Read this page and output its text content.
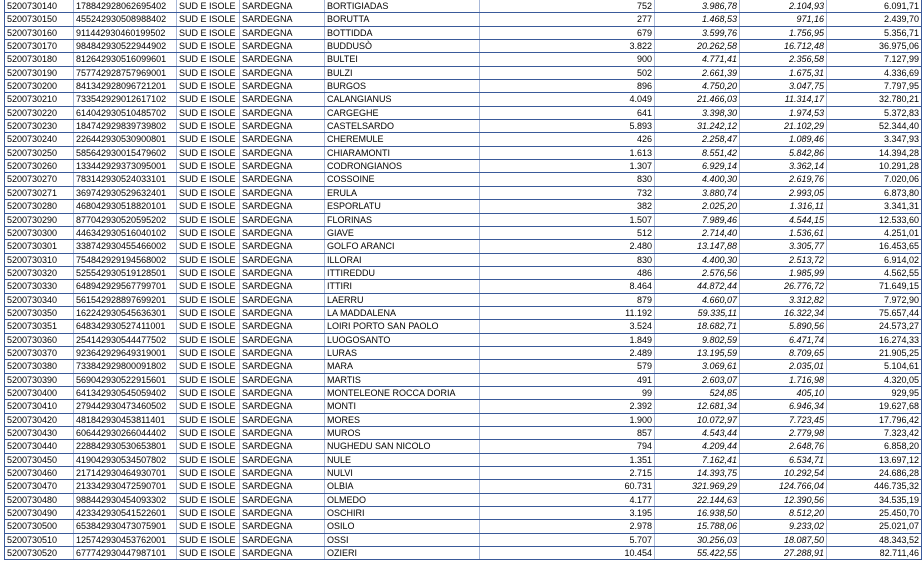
5200730140	178842928062695402	SUD E ISOLE	SARDEGNA	BORTIGIADAS	752	3.986,78	2.104,93	6.091,71
5200730150	455242930508988402	SUD E ISOLE	SARDEGNA	BORUTTA	277	1.468,53	971,16	2.439,70
5200730160	911442930460199502	SUD E ISOLE	SARDEGNA	BOTTIDDA	679	3.599,76	1.756,95	5.356,71
5200730170	984842930522944902	SUD E ISOLE	SARDEGNA	BUDDUSÒ	3.822	20.262,58	16.712,48	36.975,06
5200730180	812642930516099601	SUD E ISOLE	SARDEGNA	BULTEI	900	4.771,41	2.356,58	7.127,99
5200730190	757742928757969001	SUD E ISOLE	SARDEGNA	BULZI	502	2.661,39	1.675,31	4.336,69
5200730200	841342928096721201	SUD E ISOLE	SARDEGNA	BURGOS	896	4.750,20	3.047,75	7.797,95
5200730210	733542929012617102	SUD E ISOLE	SARDEGNA	CALANGIANUS	4.049	21.466,03	11.314,17	32.780,21
5200730220	614042930510485702	SUD E ISOLE	SARDEGNA	CARGEGHE	641	3.398,30	1.974,53	5.372,83
5200730230	184742929839739802	SUD E ISOLE	SARDEGNA	CASTELSARDO	5.893	31.242,12	21.102,29	52.344,40
5200730240	226442930530900801	SUD E ISOLE	SARDEGNA	CHEREMULE	426	2.258,47	1.089,46	3.347,93
5200730250	585642930015479602	SUD E ISOLE	SARDEGNA	CHIARAMONTI	1.613	8.551,42	5.842,86	14.394,28
5200730260	133442929373095001	SUD E ISOLE	SARDEGNA	CODRONGIANOS	1.307	6.929,14	3.362,14	10.291,28
5200730270	783142930524033101	SUD E ISOLE	SARDEGNA	COSSOINE	830	4.400,30	2.619,76	7.020,06
5200730271	369742930529632401	SUD E ISOLE	SARDEGNA	ERULA	732	3.880,74	2.993,05	6.873,80
5200730280	468042930518820101	SUD E ISOLE	SARDEGNA	ESPORLATU	382	2.025,20	1.316,11	3.341,31
5200730290	877042930520595202	SUD E ISOLE	SARDEGNA	FLORINAS	1.507	7.989,46	4.544,15	12.533,60
5200730300	446342930516040102	SUD E ISOLE	SARDEGNA	GIAVE	512	2.714,40	1.536,61	4.251,01
5200730301	338742930455466002	SUD E ISOLE	SARDEGNA	GOLFO ARANCI	2.480	13.147,88	3.305,77	16.453,65
5200730310	754842929194568002	SUD E ISOLE	SARDEGNA	ILLORAI	830	4.400,30	2.513,72	6.914,02
5200730320	525542930519128501	SUD E ISOLE	SARDEGNA	ITTIREDDU	486	2.576,56	1.985,99	4.562,55
5200730330	648942929567799701	SUD E ISOLE	SARDEGNA	ITTIRI	8.464	44.872,44	26.776,72	71.649,15
5200730340	561542928897699201	SUD E ISOLE	SARDEGNA	LAERRU	879	4.660,07	3.312,82	7.972,90
5200730350	162242930545636301	SUD E ISOLE	SARDEGNA	LA MADDALENA	11.192	59.335,11	16.322,34	75.657,44
5200730351	648342930527411001	SUD E ISOLE	SARDEGNA	LOIRI PORTO SAN PAOLO	3.524	18.682,71	5.890,56	24.573,27
5200730360	254142930544477502	SUD E ISOLE	SARDEGNA	LUOGOSANTO	1.849	9.802,59	6.471,74	16.274,33
5200730370	923642929649319001	SUD E ISOLE	SARDEGNA	LURAS	2.489	13.195,59	8.709,65	21.905,25
5200730380	733842929800091802	SUD E ISOLE	SARDEGNA	MARA	579	3.069,61	2.035,01	5.104,61
5200730390	569042930522915601	SUD E ISOLE	SARDEGNA	MARTIS	491	2.603,07	1.716,98	4.320,05
5200730400	641342930545059402	SUD E ISOLE	SARDEGNA	MONTELEONE ROCCA DORIA	99	524,85	405,10	929,95
5200730410	279442930473460502	SUD E ISOLE	SARDEGNA	MONTI	2.392	12.681,34	6.946,34	19.627,68
5200730420	481842930453811401	SUD E ISOLE	SARDEGNA	MORES	1.900	10.072,97	7.723,45	17.796,42
5200730430	606442930266044402	SUD E ISOLE	SARDEGNA	MUROS	857	4.543,44	2.779,98	7.323,42
5200730440	228842930530653801	SUD E ISOLE	SARDEGNA	NUGHEDU SAN NICOLO	794	4.209,44	2.648,76	6.858,20
5200730450	419042930534507802	SUD E ISOLE	SARDEGNA	NULE	1.351	7.162,41	6.534,71	13.697,12
5200730460	217142930464930701	SUD E ISOLE	SARDEGNA	NULVI	2.715	14.393,75	10.292,54	24.686,28
5200730470	213342930472590701	SUD E ISOLE	SARDEGNA	OLBIA	60.731	321.969,29	124.766,04	446.735,32
5200730480	988442930454093302	SUD E ISOLE	SARDEGNA	OLMEDO	4.177	22.144,63	12.390,56	34.535,19
5200730490	423342930541522601	SUD E ISOLE	SARDEGNA	OSCHIRI	3.195	16.938,50	8.512,20	25.450,70
5200730500	653842930473075901	SUD E ISOLE	SARDEGNA	OSILO	2.978	15.788,06	9.233,02	25.021,07
5200730510	125742930453762001	SUD E ISOLE	SARDEGNA	OSSI	5.707	30.256,03	18.087,50	48.343,52
5200730520	677742930447987101	SUD E ISOLE	SARDEGNA	OZIERI	10.454	55.422,55	27.288,91	82.711,46
